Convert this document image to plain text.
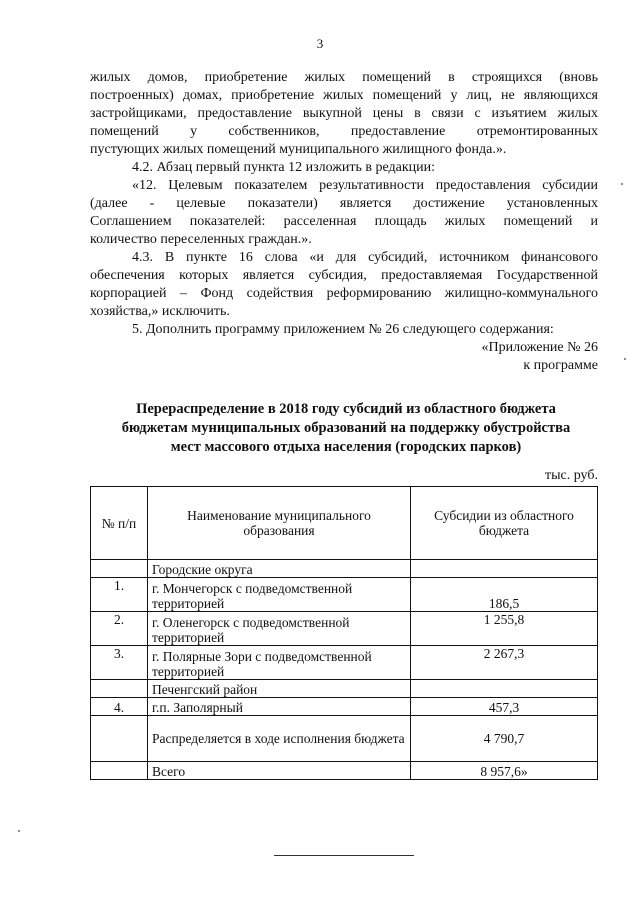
3
жилых домов, приобретение жилых помещений в строящихся (вновь
построенных) домах, приобретение жилых помещений у лиц, не являющихся
застройщиками, предоставление выкупной цены в связи с изъятием жилых
помещений у собственников, предоставление отремонтированных
пустующих жилых помещений муниципального жилищного фонда.».
4.2. Абзац первый пункта 12 изложить в редакции:
«12. Целевым показателем результативности предоставления субсидии
(далее - целевые показатели) является достижение установленных
Соглашением показателей: расселенная площадь жилых помещений и
количество переселенных граждан.».
4.3. В пункте 16 слова «и для субсидий, источником финансового
обеспечения которых является субсидия, предоставляемая Государственной
корпорацией – Фонд содействия реформированию жилищно-коммунального
хозяйства,» исключить.
5. Дополнить программу приложением № 26 следующего содержания:
«Приложение № 26
к программе
Перераспределение в 2018 году субсидий из областного бюджета
бюджетам муниципальных образований на поддержку обустройства
мест массового отдыха населения (городских парков)
тыс. руб.
№ п/п	Наименование муниципального образования	Субсидии из областного бюджета
	Городские округа	
1.	г. Мончегорск с подведомственной территорией	186,5
2.	г. Оленегорск с подведомственной территорией	1 255,8
3.	г. Полярные Зори с подведомственной территорией	2 267,3
	Печенгский район	
4.	г.п. Заполярный	457,3
	Распределяется в ходе исполнения бюджета	4 790,7
	Всего	8 957,6»
